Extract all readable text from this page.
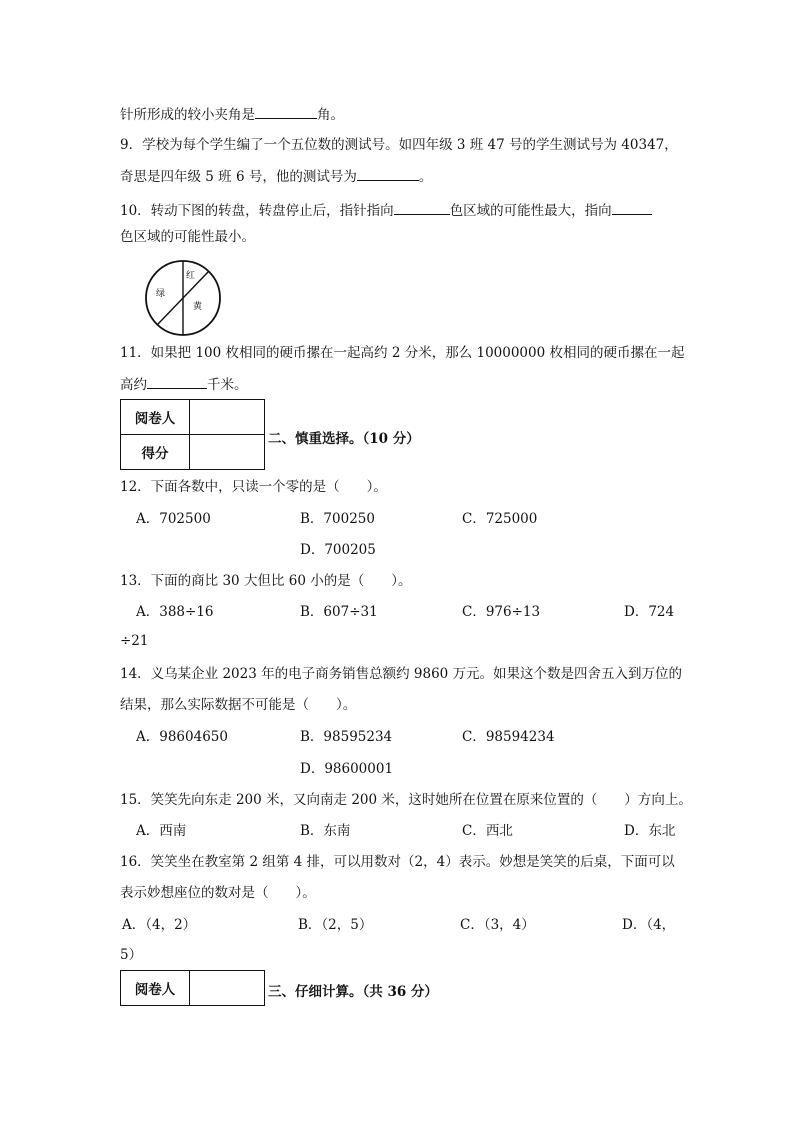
针所形成的较小夹角是	角。
9．学校为每个学生编了一个五位数的测试号。如四年级 3 班 47 号的学生测试号为 40347，
奇思是四年级 5 班 6 号，他的测试号为	。
10．转动下图的转盘，转盘停止后，指针指向	色区域的可能性最大，指向
色区域的可能性最小。
绿
红
黄
11．如果把 100 枚相同的硬币摞在一起高约 2 分米，那么 10000000 枚相同的硬币摞在一起
高约	千米。
阅卷人	
得分	
二、慎重选择。（10 分）
12．下面各数中，只读一个零的是（　　）。
A．702500	B．700250	C．725000
D．700205
13．下面的商比 30 大但比 60 小的是（　　）。
A．388÷16	B．607÷31	C．976÷13	D．724
÷21
14．义乌某企业 2023 年的电子商务销售总额约 9860 万元。如果这个数是四舍五入到万位的
结果，那么实际数据不可能是（　　）。
A．98604650	B．98595234	C．98594234
D．98600001
15．笑笑先向东走 200 米，又向南走 200 米，这时她所在位置在原来位置的（　　）方向上。
A．西南	B．东南	C．西北	D．东北
16．笑笑坐在教室第 2 组第 4 排，可以用数对（2，4）表示。妙想是笑笑的后桌，下面可以
表示妙想座位的数对是（　　）。
A．（4，2）	B．（2，5）	C．（3，4）	D．（4，
5）
阅卷人		三、仔细计算。（共 36 分）
